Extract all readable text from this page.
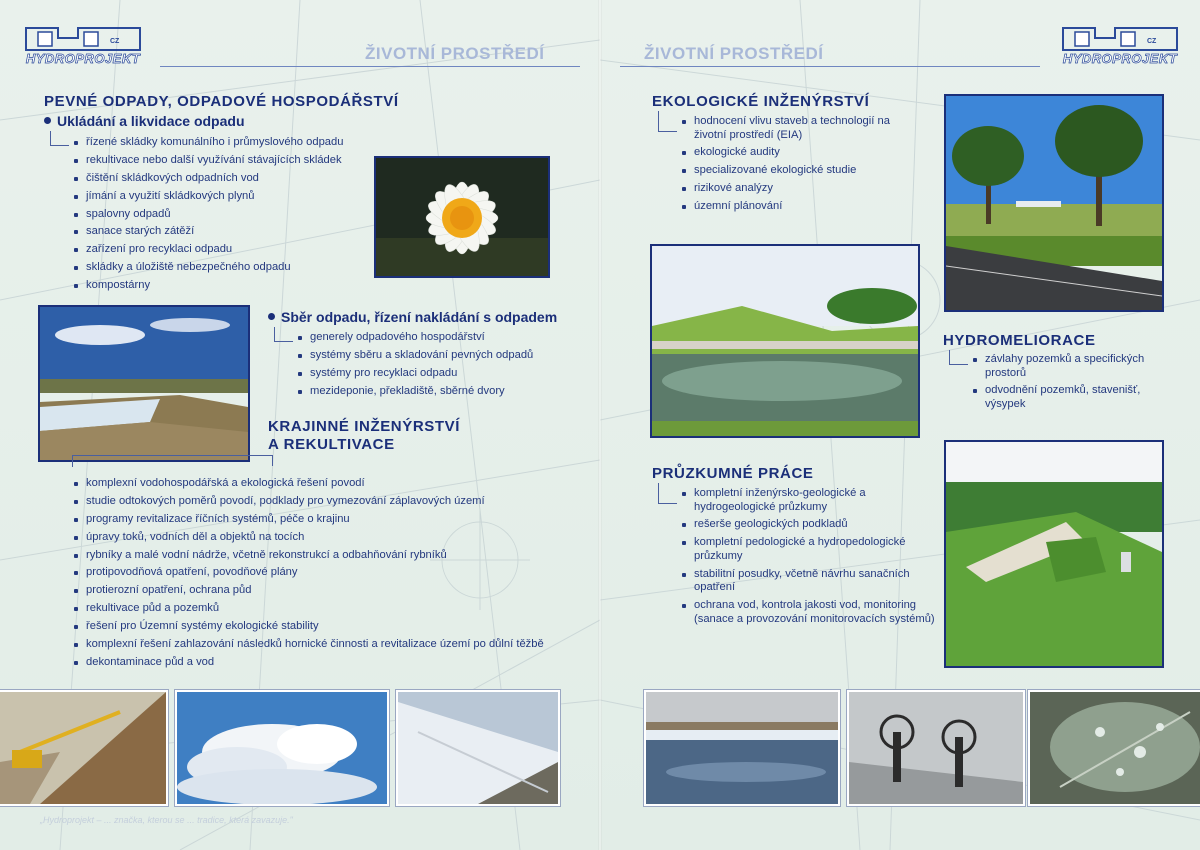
CZ
HYDROPROJEKT	ŽIVOTNÍ PROSTŘEDÍ
PEVNÉ ODPADY, ODPADOVÉ HOSPODÁŘSTVÍ
Ukládání a likvidace odpadu
řízené skládky komunálního i průmyslového odpadu
rekultivace nebo další využívání stávajících skládek
čištění skládkových odpadních vod
jímání a využití skládkových plynů
spalovny odpadů
sanace starých zátěží
zařízení pro recyklaci odpadu
skládky a úložiště nebezpečného odpadu
kompostárny
Sběr odpadu, řízení nakládání s odpadem
generely odpadového hospodářství
systémy sběru a skladování pevných odpadů
systémy pro recyklaci odpadu
mezideponie, překladiště, sběrné dvory
KRAJINNÉ INŽENÝRSTVÍ
A REKULTIVACE
komplexní vodohospodářská a ekologická řešení povodí
studie odtokových poměrů povodí, podklady pro vymezování záplavových území
programy revitalizace říčních systémů, péče o krajinu
úpravy toků, vodních děl a objektů na tocích
rybníky a malé vodní nádrže, včetně rekonstrukcí a odbahňování rybníků
protipovodňová opatření, povodňové plány
protierozní opatření, ochrana půd
rekultivace půd a pozemků
řešení pro Územní systémy ekologické stability
komplexní řešení zahlazování následků hornické činnosti a revitalizace území po důlní těžbě
dekontaminace půd a vod
„Hydroprojekt – ... značka, kterou se ... tradice, která zavazuje."
ŽIVOTNÍ PROSTŘEDÍ
CZ
HYDROPROJEKT
EKOLOGICKÉ INŽENÝRSTVÍ
hodnocení vlivu staveb a technologií na životní prostředí (EIA)
ekologické audity
specializované ekologické studie
rizikové analýzy
územní plánování
HYDROMELIORACE
závlahy pozemků a specifických prostorů
odvodnění pozemků, stavenišť, výsypek
PRŮZKUMNÉ PRÁCE
kompletní inženýrsko-geologické a hydrogeologické průzkumy
rešerše geologických podkladů
kompletní pedologické a hydropedologické průzkumy
stabilitní posudky, včetně návrhu sanačních opatření
ochrana vod, kontrola jakosti vod, monitoring (sanace a provozování monitorovacích systémů)
